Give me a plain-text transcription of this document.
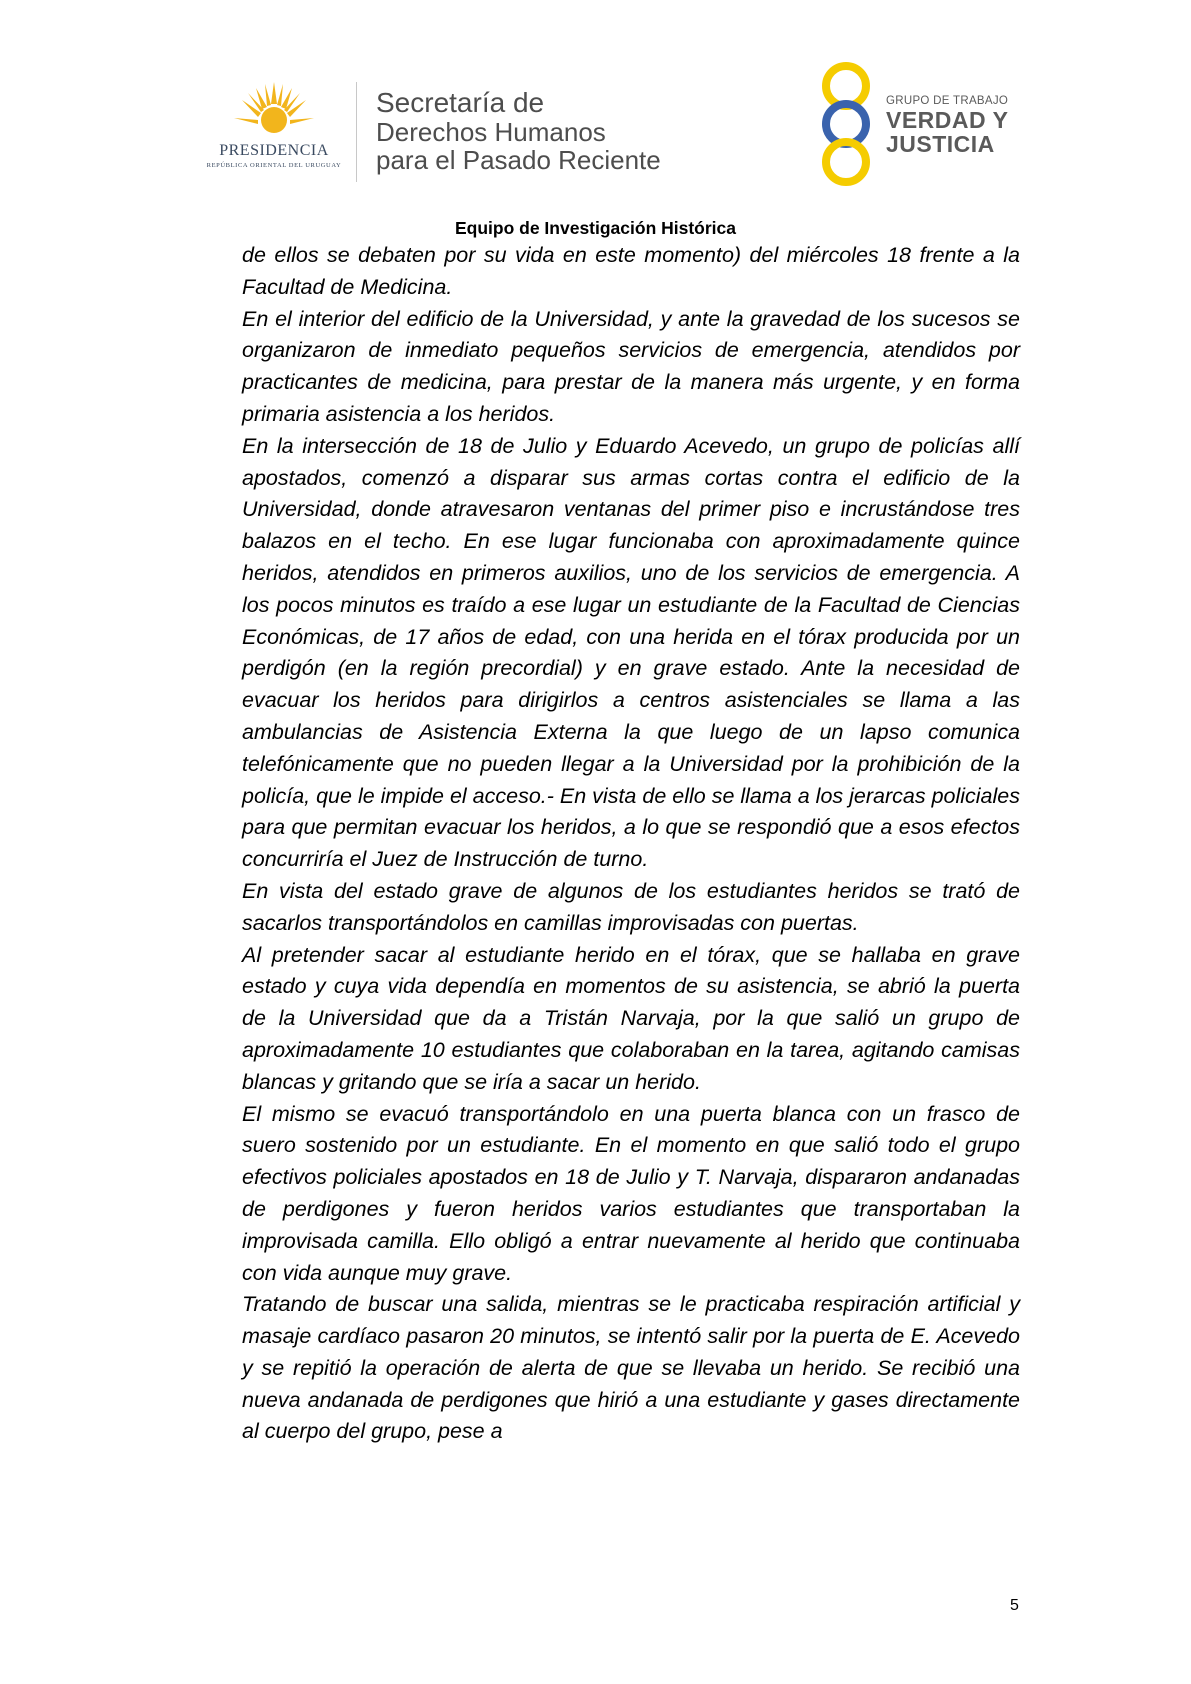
PRESIDENCIA
REPÚBLICA ORIENTAL DEL URUGUAY
Secretaría de
Derechos Humanos
para el Pasado Reciente
GRUPO DE TRABAJO
VERDAD Y
JUSTICIA
Equipo de Investigación Histórica

de ellos se debaten por su vida en este momento) del miércoles 18 frente a la Facultad de Medicina.

En el interior del edificio de la Universidad, y ante la gravedad de los sucesos se organizaron de inmediato pequeños servicios de emergencia, atendidos por practicantes de medicina, para prestar de la manera más urgente, y en forma primaria asistencia a los heridos.

En la intersección de 18 de Julio y Eduardo Acevedo, un grupo de policías allí apostados, comenzó a disparar sus armas cortas contra el edificio de la Universidad, donde atravesaron ventanas del primer piso e incrustándose tres balazos en el techo. En ese lugar funcionaba con aproximadamente quince heridos, atendidos en primeros auxilios, uno de los servicios de emergencia. A los pocos minutos es traído a ese lugar un estudiante de la Facultad de Ciencias Económicas, de 17 años de edad, con una herida en el tórax producida por un perdigón (en la región precordial) y en grave estado. Ante la necesidad de evacuar los heridos para dirigirlos a centros asistenciales se llama a las ambulancias de Asistencia Externa la que luego de un lapso comunica telefónicamente que no pueden llegar a la Universidad por la prohibición de la policía, que le impide el acceso.- En vista de ello se llama a los jerarcas policiales para que permitan evacuar los heridos, a lo que se respondió que a esos efectos concurriría el Juez de Instrucción de turno.

En vista del estado grave de algunos de los estudiantes heridos se trató de sacarlos transportándolos en camillas improvisadas con puertas.

Al pretender sacar al estudiante herido en el tórax, que se hallaba en grave estado y cuya vida dependía en momentos de su asistencia, se abrió la puerta de la Universidad que da a Tristán Narvaja, por la que salió un grupo de aproximadamente 10 estudiantes que colaboraban en la tarea, agitando camisas blancas y gritando que se iría a sacar un herido.

El mismo se evacuó transportándolo en una puerta blanca con un frasco de suero sostenido por un estudiante. En el momento en que salió todo el grupo efectivos policiales apostados en 18 de Julio y T. Narvaja, dispararon andanadas de perdigones y fueron heridos varios estudiantes que transportaban la improvisada camilla. Ello obligó a entrar nuevamente al herido que continuaba con vida aunque muy grave.

Tratando de buscar una salida, mientras se le practicaba respiración artificial y masaje cardíaco pasaron 20 minutos, se intentó salir por la puerta de E. Acevedo y se repitió la operación de alerta de que se llevaba un herido. Se recibió una nueva andanada de perdigones que hirió a una estudiante y gases directamente al cuerpo del grupo, pese a

5
